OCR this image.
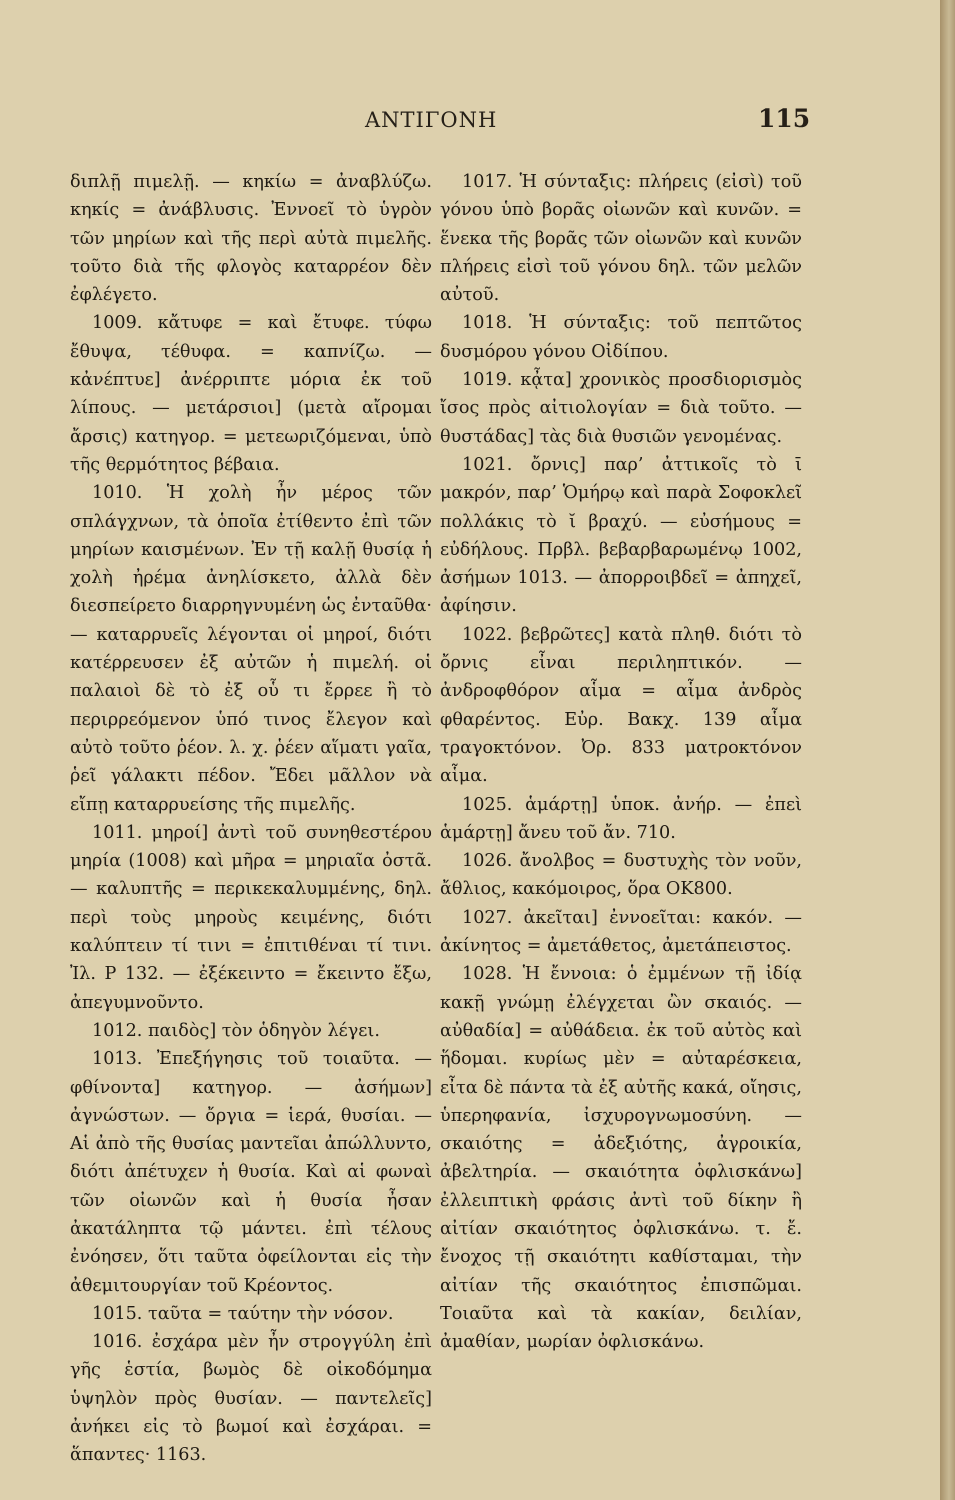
ΑΝΤΙΓΟΝΗ	115

διπλῇ πιμελῇ. — κηκίω = ἀναβλύζω. κηκίς = ἀνάβλυσις. Ἐννοεῖ τὸ ὑγρὸν τῶν μηρίων καὶ τῆς περὶ αὐτὰ πιμελῆς. τοῦτο διὰ τῆς φλογὸς καταρρέον δὲν ἐφλέγετο.

1009. κἄτυφε = καὶ ἔτυφε. τύφω ἔθυψα, τέθυφα. = καπνίζω. — κἀνέπτυε] ἀνέρριπτε μόρια ἐκ τοῦ λίπους. — μετάρσιοι] (μετὰ αἴρομαι ἄρσις) κατηγορ. = μετεωριζόμεναι, ὑπὸ τῆς θερμότητος βέβαια.

1010. Ἡ χολὴ ἦν μέρος τῶν σπλάγχνων, τὰ ὁποῖα ἐτίθεντο ἐπὶ τῶν μηρίων καισμένων. Ἐν τῇ καλῇ θυσίᾳ ἡ χολὴ ἠρέμα ἀνηλίσκετο, ἀλλὰ δὲν διεσπείρετο διαρρηγνυμένη ὡς ἐνταῦθα· — καταρρυεῖς λέγονται οἱ μηροί, διότι κατέρρευσεν ἐξ αὐτῶν ἡ πιμελή. οἱ παλαιοὶ δὲ τὸ ἐξ οὗ τι ἔρρεε ἢ τὸ περιρρεόμενον ὑπό τινος ἔλεγον καὶ αὐτὸ τοῦτο ῥέον. λ. χ. ῥέεν αἵματι γαῖα, ῥεῖ γάλακτι πέδον. Ἔδει μᾶλλον νὰ εἴπῃ καταρρυείσης τῆς πιμελῆς.

1011. μηροί] ἀντὶ τοῦ συνηθεστέρου μηρία (1008) καὶ μῆρα = μηριαῖα ὀστᾶ. — καλυπτῆς = περικεκαλυμμένης, δηλ. περὶ τοὺς μηροὺς κειμένης, διότι καλύπτειν τί τινι = ἐπιτιθέναι τί τινι. Ἰλ. Ρ 132. — ἐξέκειντο = ἔκειντο ἔξω, ἀπεγυμνοῦντο.

1012. παιδὸς] τὸν ὁδηγὸν λέγει.

1013. Ἐπεξήγησις τοῦ τοιαῦτα. — φθίνοντα] κατηγορ. — ἀσήμων] ἀγνώστων. — ὄργια = ἱερά, θυσίαι. — Αἱ ἀπὸ τῆς θυσίας μαντεῖαι ἀπώλλυντο, διότι ἀπέτυχεν ἡ θυσία. Καὶ αἱ φωναὶ τῶν οἰωνῶν καὶ ἡ θυσία ἦσαν ἀκατάληπτα τῷ μάντει. ἐπὶ τέλους ἐνόησεν, ὅτι ταῦτα ὀφείλονται εἰς τὴν ἀθεμιτουργίαν τοῦ Κρέοντος.

1015. ταῦτα = ταύτην τὴν νόσον.

1016. ἐσχάρα μὲν ἦν στρογγύλη ἐπὶ γῆς ἑστία, βωμὸς δὲ οἰκοδόμημα ὑψηλὸν πρὸς θυσίαν. — παντελεῖς] ἀνήκει εἰς τὸ βωμοί καὶ ἐσχάραι. = ἅπαντες· 1163.

1017. Ἡ σύνταξις: πλήρεις (εἰσὶ) τοῦ γόνου ὑπὸ βορᾶς οἰωνῶν καὶ κυνῶν. = ἕνεκα τῆς βορᾶς τῶν οἰωνῶν καὶ κυνῶν πλήρεις εἰσὶ τοῦ γόνου δηλ. τῶν μελῶν αὐτοῦ.

1018. Ἡ σύνταξις: τοῦ πεπτῶτος δυσμόρου γόνου Οἰδίπου.

1019. κᾆτα] χρονικὸς προσδιορισμὸς ἴσος πρὸς αἰτιολογίαν = διὰ τοῦτο. — θυστάδας] τὰς διὰ θυσιῶν γενομένας.

1021. ὄρνις] παρ’ ἀττικοῖς τὸ ῑ μακρόν, παρ’ Ὁμήρῳ καὶ παρὰ Σοφοκλεῖ πολλάκις τὸ ῐ βραχύ. — εὐσήμους = εὐδήλους. Πρβλ. βεβαρβαρωμένῳ 1002, ἀσήμων 1013. — ἀπορροιβδεῖ = ἀπηχεῖ, ἀφίησιν.

1022. βεβρῶτες] κατὰ πληθ. διότι τὸ ὄρνις εἶναι περιληπτικόν. — ἀνδροφθόρον αἷμα = αἷμα ἀνδρὸς φθαρέντος. Εὐρ. Βακχ. 139 αἷμα τραγοκτόνον. Ὀρ. 833 ματροκτόνον αἷμα.

1025. ἁμάρτῃ] ὑποκ. ἀνήρ. — ἐπεὶ ἁμάρτῃ] ἄνευ τοῦ ἄν. 710.

1026. ἄνολβος = δυστυχὴς τὸν νοῦν, ἄθλιος, κακόμοιρος, ὅρα ΟΚ800.

1027. ἀκεῖται] ἐννοεῖται: κακόν. — ἀκίνητος = ἀμετάθετος, ἀμετάπειστος.

1028. Ἡ ἔννοια: ὁ ἐμμένων τῇ ἰδίᾳ κακῇ γνώμῃ ἐλέγχεται ὢν σκαιός. — αὐθαδία] = αὐθάδεια. ἐκ τοῦ αὐτὸς καὶ ἥδομαι. κυρίως μὲν = αὐταρέσκεια, εἶτα δὲ πάντα τὰ ἐξ αὐτῆς κακά, οἴησις, ὑπερηφανία, ἰσχυρογνωμοσύνη. — σκαιότης = ἀδεξιότης, ἀγροικία, ἀβελτηρία. — σκαιότητα ὀφλισκάνω] ἐλλειπτικὴ φράσις ἀντὶ τοῦ δίκην ἢ αἰτίαν σκαιότητος ὀφλισκάνω. τ. ἔ. ἔνοχος τῇ σκαιότητι καθίσταμαι, τὴν αἰτίαν τῆς σκαιότητος ἐπισπῶμαι. Τοιαῦτα καὶ τὰ κακίαν, δειλίαν, ἀμαθίαν, μωρίαν ὀφλισκάνω.
